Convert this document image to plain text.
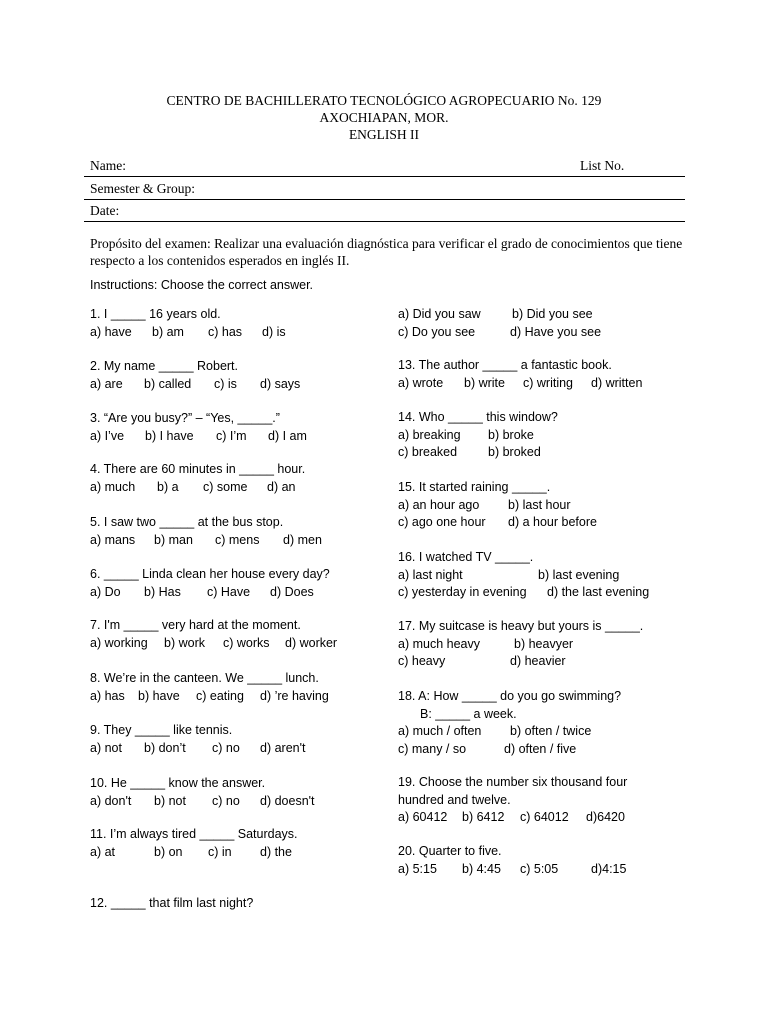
CENTRO DE BACHILLERATO TECNOLÓGICO AGROPECUARIO No. 129
AXOCHIAPAN, MOR.
ENGLISH II
Name:	List No.
Semester & Group:
Date:
Propósito del examen: Realizar una evaluación diagnóstica para verificar el grado de conocimientos que tiene respecto a los contenidos esperados en inglés II.
Instructions: Choose the correct answer.
1. I _____ 16 years old.
a) have b) am c) has d) is
2. My name _____ Robert.
a) are b) called c) is d) says
3. “Are you busy?” – “Yes, _____.”
a) I’ve b) I have c) I’m d) I am
4. There are 60 minutes in _____ hour.
a) much b) a c) some d) an
5. I saw two _____ at the bus stop.
a) mans b) man c) mens d) men
6. _____ Linda clean her house every day?
a) Do b) Has c) Have d) Does
7. I'm _____ very hard at the moment.
a) working b) work c) works d) worker
8. We’re in the canteen. We _____ lunch.
a) has b) have c) eating d) ’re having
9. They _____ like tennis.
a) not b) don’t c) no d) aren't
10. He _____ know the answer.
a) don't b) not c) no d) doesn't
11. I’m always tired _____ Saturdays.
a) at	b) on c) in d) the
12. _____ that film last night?
a) Did you saw	b) Did you see
c) Do you see	d) Have you see
13. The author _____ a fantastic book.
a) wrote b) write c) writing d) written
14. Who _____ this window?
a) breaking b) broke
c) breaked b) broked
15. It started raining _____.
a) an hour ago b) last hour
c) ago one hour d) a hour before
16. I watched TV _____.
a) last night	b) last evening
c) yesterday in evening d) the last evening
17. My suitcase is heavy but yours is _____.
a) much heavy	b) heavyer
c) heavy	d) heavier
18. A: How _____ do you go swimming?
B: _____ a week.
a) much / often b) often / twice
c) many / so	d) often / five
19. Choose the number six thousand four
hundred and twelve.
a) 60412 b) 6412 c) 64012 d)6420
20. Quarter to five.
a) 5:15 b) 4:45 c) 5:05	d)4:15
